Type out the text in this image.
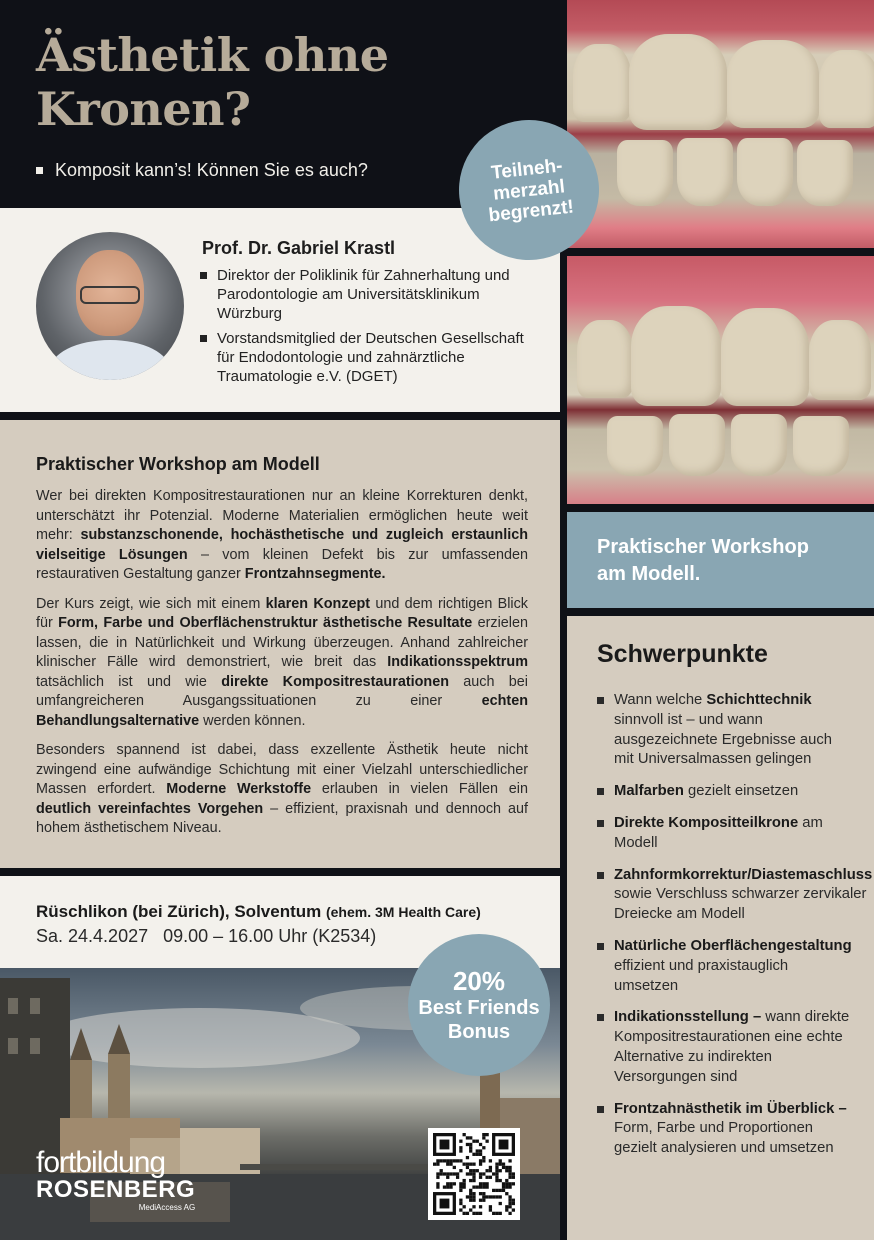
Ästhetik ohne
Kronen?
Komposit kann’s! Können Sie es auch?
Prof. Dr. Gabriel Krastl
Direktor der Poliklinik für Zahnerhaltung und Parodontologie am Universitätsklinikum Würzburg
Vorstandsmitglied der Deutschen Gesellschaft für Endodontologie und zahnärztliche Traumatologie e.V. (DGET)
Teilneh-
merzahl
begrenzt!
Praktischer Workshop am Modell

Wer bei direkten Kompositrestaurationen nur an kleine Korrekturen denkt, unterschätzt ihr Potenzial. Moderne Materialien ermöglichen heute weit mehr: substanzschonende, hochästhetische und zugleich erstaunlich vielseitige Lösungen – vom kleinen Defekt bis zur umfassenden restaurativen Gestaltung ganzer Frontzahnsegmente.

Der Kurs zeigt, wie sich mit einem klaren Konzept und dem richtigen Blick für Form, Farbe und Oberflächenstruktur ästhetische Resultate erzielen lassen, die in Natürlichkeit und Wirkung überzeugen. Anhand zahlreicher klinischer Fälle wird demonstriert, wie breit das Indikationsspektrum tatsächlich ist und wie direkte Kompositrestaurationen auch bei umfangreicheren Ausgangssituationen zu einer echten Behandlungsalternative werden können.

Besonders spannend ist dabei, dass exzellente Ästhetik heute nicht zwingend eine aufwändige Schichtung mit einer Vielzahl unterschiedlicher Massen erfordert. Moderne Werkstoffe erlauben in vielen Fällen ein deutlich vereinfachtes Vorgehen – effizient, praxisnah und dennoch auf hohem ästhetischem Niveau.

Praktischer Workshop
am Modell.
Schwerpunkte
Wann welche Schichttechnik sinnvoll ist – und wann ausgezeichnete Ergebnisse auch mit Universalmassen gelingen
Malfarben gezielt einsetzen
Direkte Kompositteilkrone am Modell
Zahnformkorrektur/Diastemaschluss sowie Verschluss schwarzer zervikaler Dreiecke am Modell
Natürliche Oberflächengestaltung effizient und praxistauglich umsetzen
Indikationsstellung – wann direkte Kompositrestaurationen eine echte Alternative zu indirekten Versorgungen sind
Frontzahnästhetik im Überblick – Form, Farbe und Proportionen gezielt analysieren und umsetzen
Rüschlikon (bei Zürich), Solventum (ehem. 3M Health Care)
Sa. 24.4.2027   09.00 – 16.00 Uhr (K2534)
20%
Best Friends
Bonus
fortbildung
ROSENBERG
MediAccess AG
